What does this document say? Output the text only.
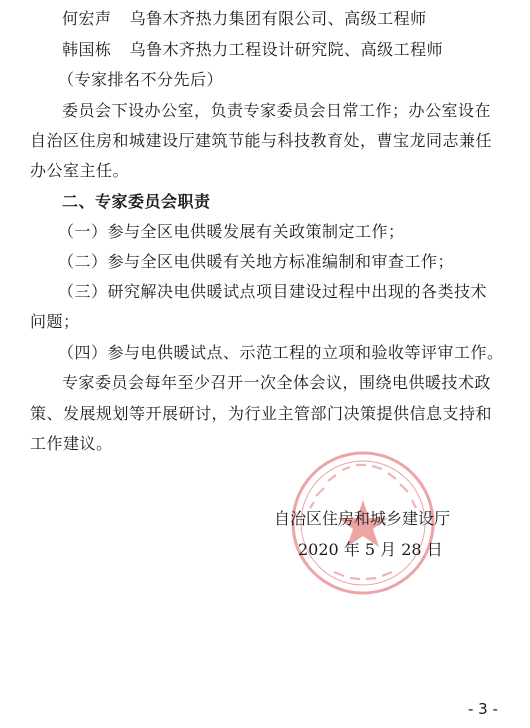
何宏声 乌鲁木齐热力集团有限公司、高级工程师
韩国栋 乌鲁木齐热力工程设计研究院、高级工程师
（专家排名不分先后）
委员会下设办公室，负责专家委员会日常工作；办公室设在
自治区住房和城建设厅建筑节能与科技教育处，曹宝龙同志兼任
办公室主任。
二、专家委员会职责
（一）参与全区电供暖发展有关政策制定工作；
（二）参与全区电供暖有关地方标准编制和审查工作；
（三）研究解决电供暖试点项目建设过程中出现的各类技术
问题；
（四）参与电供暖试点、示范工程的立项和验收等评审工作。
专家委员会每年至少召开一次全体会议，围绕电供暖技术政
策、发展规划等开展研讨，为行业主管部门决策提供信息支持和
工作建议。
自治区住房和城乡建设厅
2020 年 5 月 28 日
- 3 -
